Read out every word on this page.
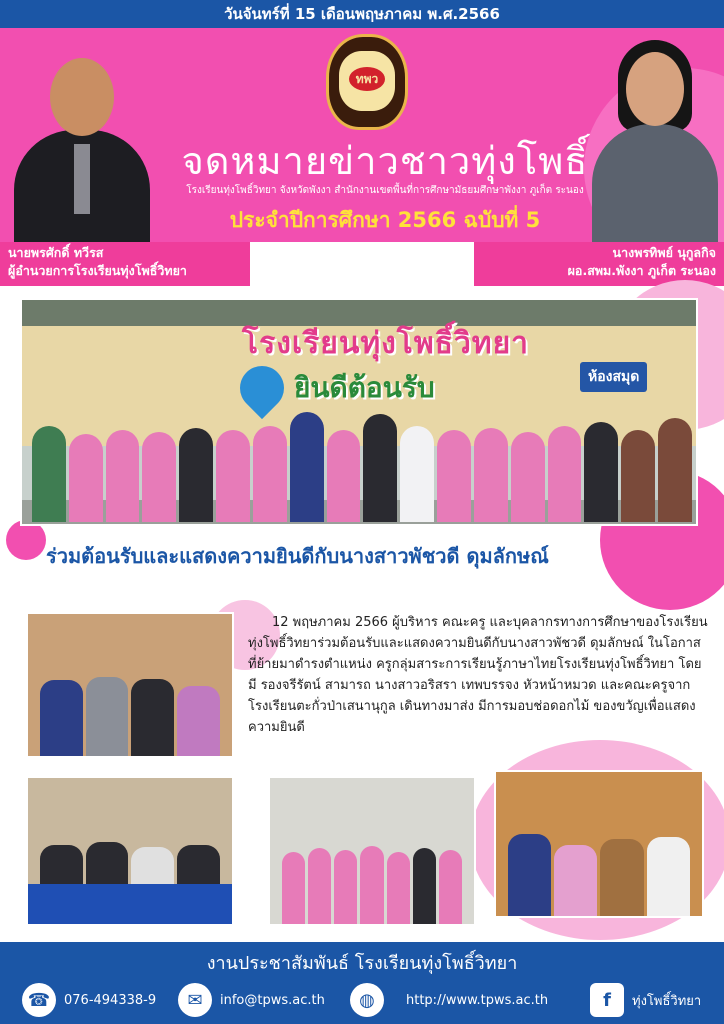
วันจันทร์ที่ 15 เดือนพฤษภาคม พ.ศ.2566
ทพว
จดหมายข่าวชาวทุ่งโพธิ์
โรงเรียนทุ่งโพธิ์วิทยา จังหวัดพังงา สำนักงานเขตพื้นที่การศึกษามัธยมศึกษาพังงา ภูเก็ต ระนอง
ประจำปีการศึกษา 2566 ฉบับที่ 5
นายพรศักดิ์ ทวีรส
ผู้อำนวยการโรงเรียนทุ่งโพธิ์วิทยา
นางพรทิพย์ นุกูลกิจ
ผอ.สพม.พังงา ภูเก็ต ระนอง
โรงเรียนทุ่งโพธิ์วิทยา
ยินดีต้อนรับ	ห้องสมุด
ร่วมต้อนรับและแสดงความยินดีกับนางสาวพัชวดี ดุมลักษณ์
12 พฤษภาคม 2566 ผู้บริหาร คณะครู และบุคลากรทางการศึกษาของโรงเรียนทุ่งโพธิ์วิทยาร่วมต้อนรับและแสดงความยินดีกับนางสาวพัชวดี ดุมลักษณ์ ในโอกาสที่ย้ายมาดำรงตำแหน่ง ครูกลุ่มสาระการเรียนรู้ภาษาไทยโรงเรียนทุ่งโพธิ์วิทยา โดยมี รองจรีรัตน์ สามารถ นางสาวอริสรา เทพบรรจง หัวหน้าหมวด และคณะครูจากโรงเรียนตะกั่วป่าเสนานุกูล เดินทางมาส่ง มีการมอบช่อดอกไม้ ของขวัญเพื่อแสดงความยินดี
งานประชาสัมพันธ์ โรงเรียนทุ่งโพธิ์วิทยา
☎	076-494338-9	✉	info@tpws.ac.th	◍	http://www.tpws.ac.th	f	ทุ่งโพธิ์วิทยา
